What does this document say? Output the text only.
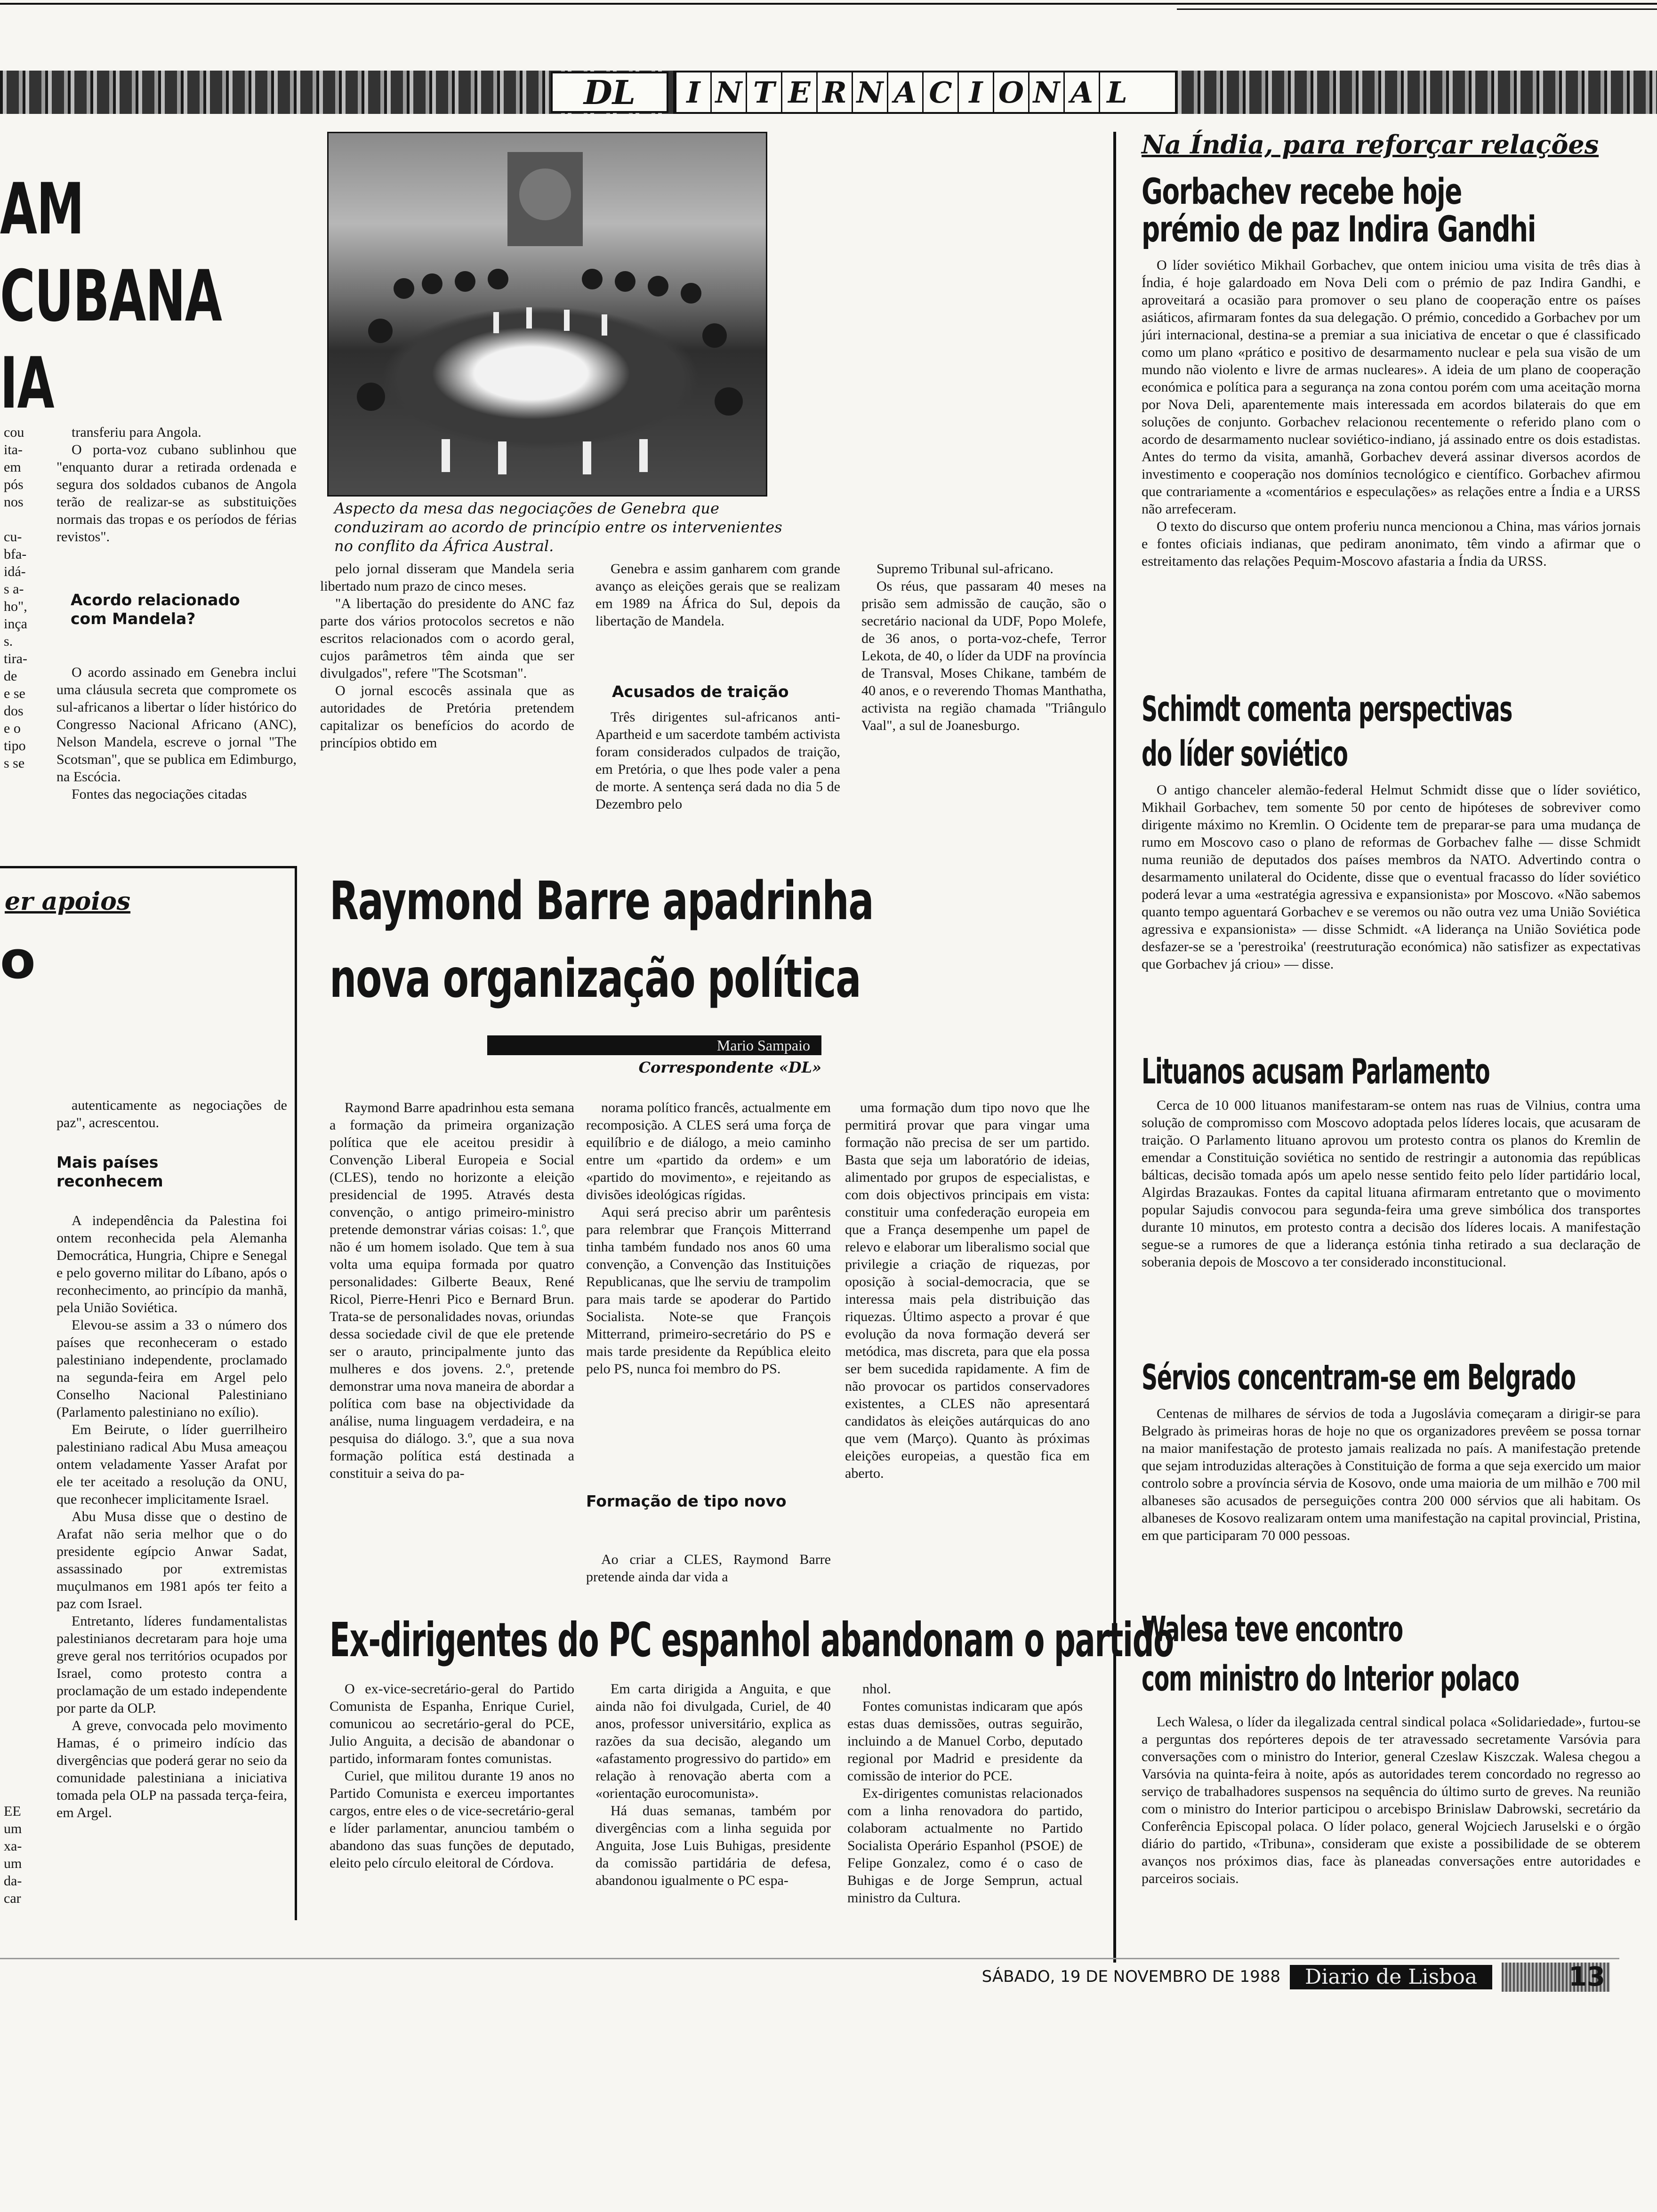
DL	I N T E R N A C I O N A L
AM
CUBANA
IA
cou
ita-
em
pós
nos
cu-
bfa-
idá-
s a-
ho",
inça
s.
tira-
de
e se
dos
e o
tipo
s se

transferiu para Angola.

O porta-voz cubano sublinhou que "enquanto durar a retirada ordenada e segura dos soldados cubanos de Angola terão de realizar-se as substituições normais das tropas e os períodos de férias revistos".

Acordo relacionado com Mandela?

O acordo assinado em Genebra inclui uma cláusula secreta que compromete os sul-africanos a libertar o líder histórico do Congresso Nacional Africano (ANC), Nelson Mandela, escreve o jornal "The Scotsman", que se publica em Edimburgo, na Escócia.

Fontes das negociações citadas

Aspecto da mesa das negociações de Genebra que conduziram ao acordo de princípio entre os intervenientes no conflito da África Austral.

pelo jornal disseram que Mandela seria libertado num prazo de cinco meses.

"A libertação do presidente do ANC faz parte dos vários protocolos secretos e não escritos relacionados com o acordo geral, cujos parâmetros têm ainda que ser divulgados", refere "The Scotsman".

O jornal escocês assinala que as autoridades de Pretória pretendem capitalizar os benefícios do acordo de princípios obtido em

Genebra e assim ganharem com grande avanço as eleições gerais que se realizam em 1989 na África do Sul, depois da libertação de Mandela.

Acusados de traição

Três dirigentes sul-africanos anti-Apartheid e um sacerdote também activista foram considerados culpados de traição, em Pretória, o que lhes pode valer a pena de morte. A sentença será dada no dia 5 de Dezembro pelo

Supremo Tribunal sul-africano.

Os réus, que passaram 40 meses na prisão sem admissão de caução, são o secretário nacional da UDF, Popo Molefe, de 36 anos, o porta-voz-chefe, Terror Lekota, de 40, o líder da UDF na província de Transval, Moses Chikane, também de 40 anos, e o reverendo Thomas Manthatha, activista na região chamada "Triângulo Vaal", a sul de Joanesburgo.

er apoios
o

autenticamente as negociações de paz", acrescentou.

Mais países reconhecem

A independência da Palestina foi ontem reconhecida pela Alemanha Democrática, Hungria, Chipre e Senegal e pelo governo militar do Líbano, após o reconhecimento, ao princípio da manhã, pela União Soviética.

Elevou-se assim a 33 o número dos países que reconheceram o estado palestiniano independente, proclamado na segunda-feira em Argel pelo Conselho Nacional Palestiniano (Parlamento palestiniano no exílio).

Em Beirute, o líder guerrilheiro palestiniano radical Abu Musa ameaçou ontem veladamente Yasser Arafat por ele ter aceitado a resolução da ONU, que reconhecer implicitamente Israel.

Abu Musa disse que o destino de Arafat não seria melhor que o do presidente egípcio Anwar Sadat, assassinado por extremistas muçulmanos em 1981 após ter feito a paz com Israel.

Entretanto, líderes fundamentalistas palestinianos decretaram para hoje uma greve geral nos territórios ocupados por Israel, como protesto contra a proclamação de um estado independente por parte da OLP.

A greve, convocada pelo movimento Hamas, é o primeiro indício das divergências que poderá gerar no seio da comunidade palestiniana a iniciativa tomada pela OLP na passada terça-feira, em Argel.

EE
um
xa-
um
da-
car
Raymond Barre apadrinha
nova organização política
Mario Sampaio
Correspondente «DL»

Raymond Barre apadrinhou esta semana a formação da primeira organização política que ele aceitou presidir à Convenção Liberal Europeia e Social (CLES), tendo no horizonte a eleição presidencial de 1995. Através desta convenção, o antigo primeiro-ministro pretende demonstrar várias coisas: 1.º, que não é um homem isolado. Que tem à sua volta uma equipa formada por quatro personalidades: Gilberte Beaux, René Ricol, Pierre-Henri Pico e Bernard Brun. Trata-se de personalidades novas, oriundas dessa sociedade civil de que ele pretende ser o arauto, principalmente junto das mulheres e dos jovens. 2.º, pretende demonstrar uma nova maneira de abordar a política com base na objectividade da análise, numa linguagem verdadeira, e na pesquisa do diálogo. 3.º, que a sua nova formação política está destinada a constituir a seiva do pa-

norama político francês, actualmente em recomposição. A CLES será uma força de equilíbrio e de diálogo, a meio caminho entre um «partido da ordem» e um «partido do movimento», e rejeitando as divisões ideológicas rígidas.

Aqui será preciso abrir um parêntesis para relembrar que François Mitterrand tinha também fundado nos anos 60 uma convenção, a Convenção das Instituições Republicanas, que lhe serviu de trampolim para mais tarde se apoderar do Partido Socialista. Note-se que François Mitterrand, primeiro-secretário do PS e mais tarde presidente da República eleito pelo PS, nunca foi membro do PS.

Formação de tipo novo

Ao criar a CLES, Raymond Barre pretende ainda dar vida a

uma formação dum tipo novo que lhe permitirá provar que para vingar uma formação não precisa de ser um partido. Basta que seja um laboratório de ideias, alimentado por grupos de especialistas, e com dois objectivos principais em vista: constituir uma confederação europeia em que a França desempenhe um papel de relevo e elaborar um liberalismo social que privilegie a criação de riquezas, por oposição à social-democracia, que se interessa mais pela distribuição das riquezas. Último aspecto a provar é que evolução da nova formação deverá ser metódica, mas discreta, para que ela possa ser bem sucedida rapidamente. A fim de não provocar os partidos conservadores existentes, a CLES não apresentará candidatos às eleições autárquicas do ano que vem (Março). Quanto às próximas eleições europeias, a questão fica em aberto.

Ex-dirigentes do PC espanhol abandonam o partido

O ex-vice-secretário-geral do Partido Comunista de Espanha, Enrique Curiel, comunicou ao secretário-geral do PCE, Julio Anguita, a decisão de abandonar o partido, informaram fontes comunistas.

Curiel, que militou durante 19 anos no Partido Comunista e exerceu importantes cargos, entre eles o de vice-secretário-geral e líder parlamentar, anunciou também o abandono das suas funções de deputado, eleito pelo círculo eleitoral de Córdova.

Em carta dirigida a Anguita, e que ainda não foi divulgada, Curiel, de 40 anos, professor universitário, explica as razões da sua decisão, alegando um «afastamento progressivo do partido» em relação à renovação aberta com a «orientação eurocomunista».

Há duas semanas, também por divergências com a linha seguida por Anguita, Jose Luis Buhigas, presidente da comissão partidária de defesa, abandonou igualmente o PC espa-

nhol.

Fontes comunistas indicaram que após estas duas demissões, outras seguirão, incluindo a de Manuel Corbo, deputado regional por Madrid e presidente da comissão de interior do PCE.

Ex-dirigentes comunistas relacionados com a linha renovadora do partido, colaboram actualmente no Partido Socialista Operário Espanhol (PSOE) de Felipe Gonzalez, como é o caso de Buhigas e de Jorge Semprun, actual ministro da Cultura.

Na Índia, para reforçar relações
Gorbachev recebe hoje
prémio de paz Indira Gandhi

O líder soviético Mikhail Gorbachev, que ontem iniciou uma visita de três dias à Índia, é hoje galardoado em Nova Deli com o prémio de paz Indira Gandhi, e aproveitará a ocasião para promover o seu plano de cooperação entre os países asiáticos, afirmaram fontes da sua delegação. O prémio, concedido a Gorbachev por um júri internacional, destina-se a premiar a sua iniciativa de encetar o que é classificado como um plano «prático e positivo de desarmamento nuclear e pela sua visão de um mundo não violento e livre de armas nucleares». A ideia de um plano de cooperação económica e política para a segurança na zona contou porém com uma aceitação morna por Nova Deli, aparentemente mais interessada em acordos bilaterais do que em soluções de conjunto. Gorbachev relacionou recentemente o referido plano com o acordo de desarmamento nuclear soviético-indiano, já assinado entre os dois estadistas. Antes do termo da visita, amanhã, Gorbachev deverá assinar diversos acordos de investimento e cooperação nos domínios tecnológico e científico. Gorbachev afirmou que contrariamente a «comentários e especulações» as relações entre a Índia e a URSS não arrefeceram.

O texto do discurso que ontem proferiu nunca mencionou a China, mas vários jornais e fontes oficiais indianas, que pediram anonimato, têm vindo a afirmar que o estreitamento das relações Pequim-Moscovo afastaria a Índia da URSS.

Schimdt comenta perspectivas
do líder soviético

O antigo chanceler alemão-federal Helmut Schmidt disse que o líder soviético, Mikhail Gorbachev, tem somente 50 por cento de hipóteses de sobreviver como dirigente máximo no Kremlin. O Ocidente tem de preparar-se para uma mudança de rumo em Moscovo caso o plano de reformas de Gorbachev falhe — disse Schmidt numa reunião de deputados dos países membros da NATO. Advertindo contra o desarmamento unilateral do Ocidente, disse que o eventual fracasso do líder soviético poderá levar a uma «estratégia agressiva e expansionista» por Moscovo. «Não sabemos quanto tempo aguentará Gorbachev e se veremos ou não outra vez uma União Soviética agressiva e expansionista» — disse Schmidt. «A liderança na União Soviética pode desfazer-se se a 'perestroika' (reestruturação económica) não satisfizer as expectativas que Gorbachev já criou» — disse.

Lituanos acusam Parlamento

Cerca de 10 000 lituanos manifestaram-se ontem nas ruas de Vilnius, contra uma solução de compromisso com Moscovo adoptada pelos líderes locais, que acusaram de traição. O Parlamento lituano aprovou um protesto contra os planos do Kremlin de emendar a Constituição soviética no sentido de restringir a autonomia das repúblicas bálticas, decisão tomada após um apelo nesse sentido feito pelo líder partidário local, Algirdas Brazaukas. Fontes da capital lituana afirmaram entretanto que o movimento popular Sajudis convocou para segunda-feira uma greve simbólica dos transportes durante 10 minutos, em protesto contra a decisão dos líderes locais. A manifestação segue-se a rumores de que a liderança estónia tinha retirado a sua declaração de soberania depois de Moscovo a ter considerado inconstitucional.

Sérvios concentram-se em Belgrado

Centenas de milhares de sérvios de toda a Jugoslávia começaram a dirigir-se para Belgrado às primeiras horas de hoje no que os organizadores prevêem se possa tornar na maior manifestação de protesto jamais realizada no país. A manifestação pretende que sejam introduzidas alterações à Constituição de forma a que seja exercido um maior controlo sobre a província sérvia de Kosovo, onde uma maioria de um milhão e 700 mil albaneses são acusados de perseguições contra 200 000 sérvios que ali habitam. Os albaneses de Kosovo realizaram ontem uma manifestação na capital provincial, Pristina, em que participaram 70 000 pessoas.

Walesa teve encontro
com ministro do Interior polaco

Lech Walesa, o líder da ilegalizada central sindical polaca «Solidariedade», furtou-se a perguntas dos repórteres depois de ter atravessado secretamente Varsóvia para conversações com o ministro do Interior, general Czeslaw Kiszczak. Walesa chegou a Varsóvia na quinta-feira à noite, após as autoridades terem concordado no regresso ao serviço de trabalhadores suspensos na sequência do último surto de greves. Na reunião com o ministro do Interior participou o arcebispo Brinislaw Dabrowski, secretário da Conferência Episcopal polaca. O líder polaco, general Wojciech Jaruselski e o órgão diário do partido, «Tribuna», consideram que existe a possibilidade de se obterem avanços nos próximos dias, face às planeadas conversações entre autoridades e parceiros sociais.

SÁBADO, 19 DE NOVEMBRO DE 1988	Diario de Lisboa	13
